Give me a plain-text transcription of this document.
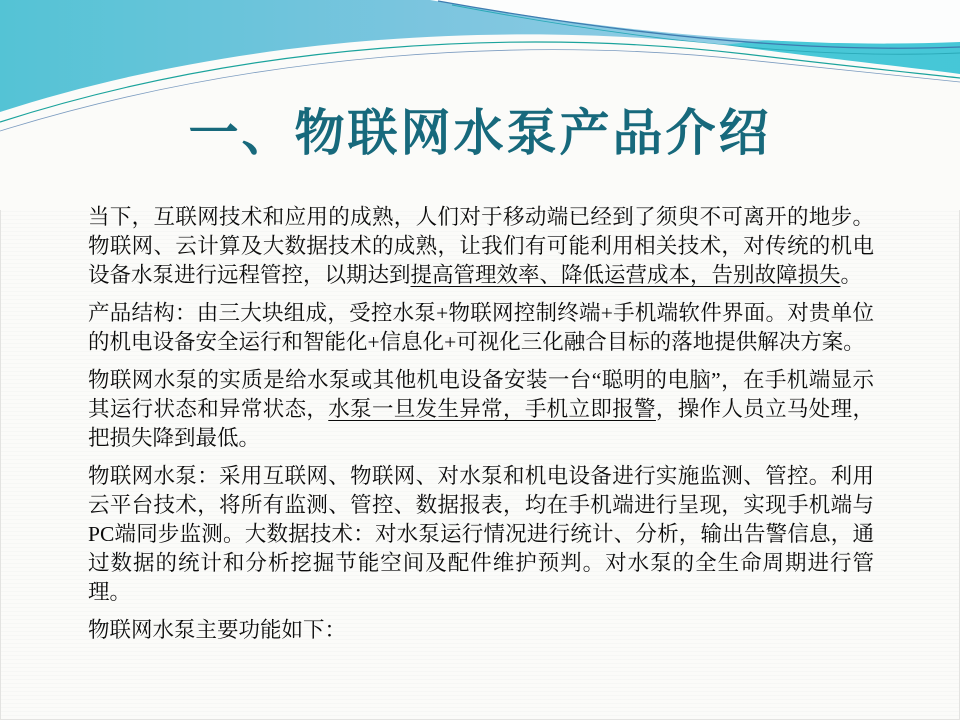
一、物联网水泵产品介绍

当下，互联网技术和应用的成熟，人们对于移动端已经到了须臾不可离开的地步。物联网、云计算及大数据技术的成熟，让我们有可能利用相关技术，对传统的机电设备水泵进行远程管控，以期达到提高管理效率、降低运营成本，告别故障损失。

产品结构：由三大块组成，受控水泵+物联网控制终端+手机端软件界面。对贵单位的机电设备安全运行和智能化+信息化+可视化三化融合目标的落地提供解决方案。

物联网水泵的实质是给水泵或其他机电设备安装一台“聪明的电脑”，在手机端显示其运行状态和异常状态，水泵一旦发生异常，手机立即报警，操作人员立马处理，把损失降到最低。

物联网水泵：采用互联网、物联网、对水泵和机电设备进行实施监测、管控。利用云平台技术，将所有监测、管控、数据报表，均在手机端进行呈现，实现手机端与PC端同步监测。大数据技术：对水泵运行情况进行统计、分析，输出告警信息，通过数据的统计和分析挖掘节能空间及配件维护预判。对水泵的全生命周期进行管理。

物联网水泵主要功能如下：
